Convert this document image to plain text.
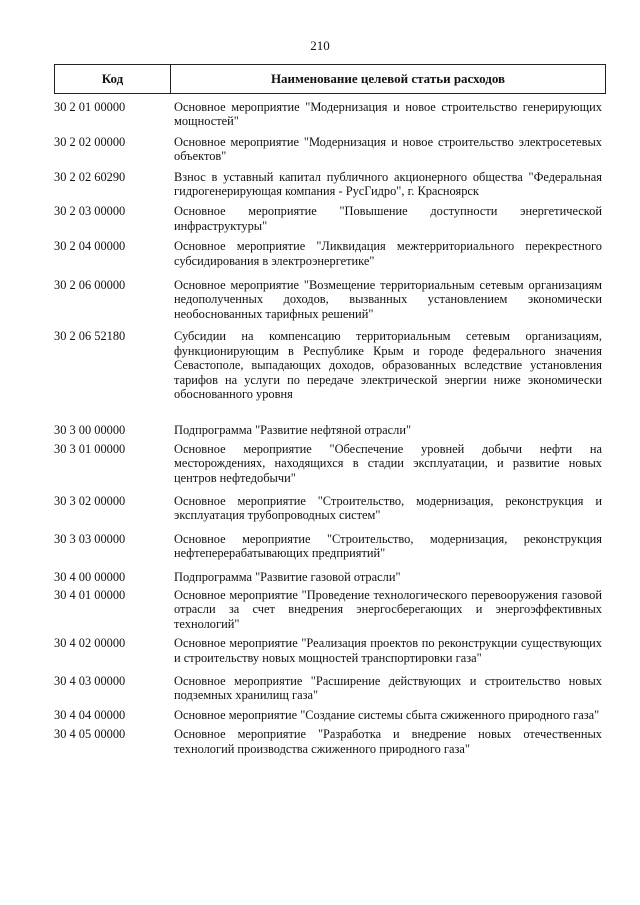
210
Код	Наименование целевой статьи расходов
30 2 01 00000	Основное мероприятие "Модернизация и новое строительство генерирующих мощностей"
30 2 02 00000	Основное мероприятие "Модернизация и новое строительство электросетевых объектов"
30 2 02 60290	Взнос в уставный капитал публичного акционерного общества "Федеральная гидрогенерирующая компания - РусГидро", г. Красноярск
30 2 03 00000	Основное мероприятие "Повышение доступности энергетической инфраструктуры"
30 2 04 00000	Основное мероприятие "Ликвидация межтерриториального перекрестного субсидирования в электроэнергетике"
30 2 06 00000	Основное мероприятие "Возмещение территориальным сетевым организациям недополученных доходов, вызванных установлением экономически необоснованных тарифных решений"
30 2 06 52180	Субсидии на компенсацию территориальным сетевым организациям, функционирующим в Республике Крым и городе федерального значения Севастополе, выпадающих доходов, образованных вследствие установления тарифов на услуги по передаче электрической энергии ниже экономически обоснованного уровня
30 3 00 00000	Подпрограмма "Развитие нефтяной отрасли"
30 3 01 00000	Основное мероприятие "Обеспечение уровней добычи нефти на месторождениях, находящихся в стадии эксплуатации, и развитие новых центров нефтедобычи"
30 3 02 00000	Основное мероприятие "Строительство, модернизация, реконструкция и эксплуатация трубопроводных систем"
30 3 03 00000	Основное мероприятие "Строительство, модернизация, реконструкция нефтеперерабатывающих предприятий"
30 4 00 00000	Подпрограмма "Развитие газовой отрасли"
30 4 01 00000	Основное мероприятие "Проведение технологического перевооружения газовой отрасли за счет внедрения энергосберегающих и энергоэффективных технологий"
30 4 02 00000	Основное мероприятие "Реализация проектов по реконструкции существующих и строительству новых мощностей транспортировки газа"
30 4 03 00000	Основное мероприятие "Расширение действующих и строительство новых подземных хранилищ газа"
30 4 04 00000	Основное мероприятие "Создание системы сбыта сжиженного природного газа"
30 4 05 00000	Основное мероприятие "Разработка и внедрение новых отечественных технологий производства сжиженного природного газа"
